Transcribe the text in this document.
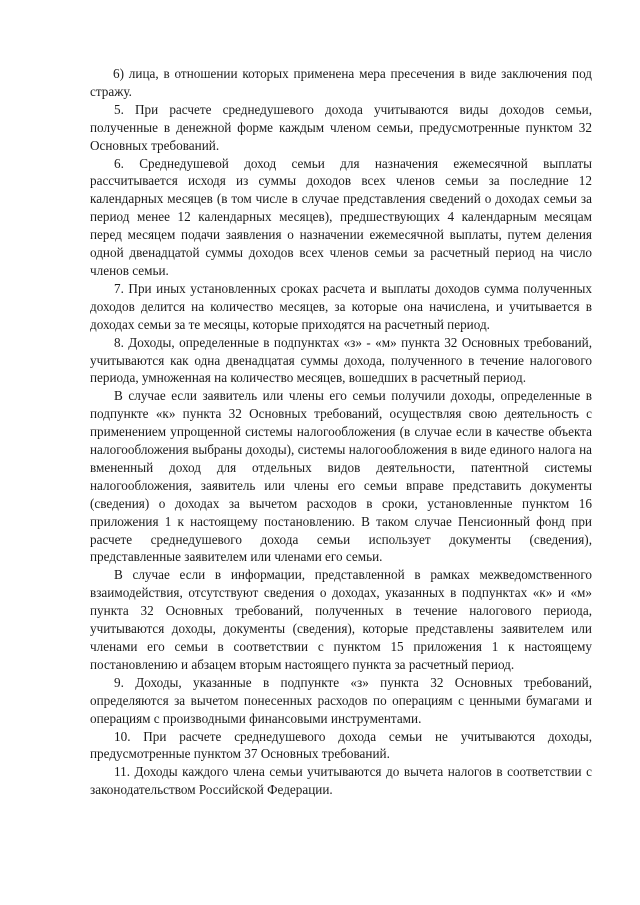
6) лица, в отношении которых применена мера пресечения в виде заключения под стражу.

5. При расчете среднедушевого дохода учитываются виды доходов семьи, полученные в денежной форме каждым членом семьи, предусмотренные пунктом 32 Основных требований.

6. Среднедушевой доход семьи для назначения ежемесячной выплаты рассчитывается исходя из суммы доходов всех членов семьи за последние 12 календарных месяцев (в том числе в случае представления сведений о доходах семьи за период менее 12 календарных месяцев), предшествующих 4 календарным месяцам перед месяцем подачи заявления о назначении ежемесячной выплаты, путем деления одной двенадцатой суммы доходов всех членов семьи за расчетный период на число членов семьи.

7. При иных установленных сроках расчета и выплаты доходов сумма полученных доходов делится на количество месяцев, за которые она начислена, и учитывается в доходах семьи за те месяцы, которые приходятся на расчетный период.

8. Доходы, определенные в подпунктах «з» - «м» пункта 32 Основных требований, учитываются как одна двенадцатая суммы дохода, полученного в течение налогового периода, умноженная на количество месяцев, вошедших в расчетный период.

В случае если заявитель или члены его семьи получили доходы, определенные в подпункте «к» пункта 32 Основных требований, осуществляя свою деятельность с применением упрощенной системы налогообложения (в случае если в качестве объекта налогообложения выбраны доходы), системы налогообложения в виде единого налога на вмененный доход для отдельных видов деятельности, патентной системы налогообложения, заявитель или члены его семьи вправе представить документы (сведения) о доходах за вычетом расходов в сроки, установленные пунктом 16 приложения 1 к настоящему постановлению. В таком случае Пенсионный фонд при расчете среднедушевого дохода семьи использует документы (сведения), представленные заявителем или членами его семьи.

В случае если в информации, представленной в рамках межведомственного взаимодействия, отсутствуют сведения о доходах, указанных в подпунктах «к» и «м» пункта 32 Основных требований, полученных в течение налогового периода, учитываются доходы, документы (сведения), которые представлены заявителем или членами его семьи в соответствии с пунктом 15 приложения 1 к настоящему постановлению и абзацем вторым настоящего пункта за расчетный период.

9. Доходы, указанные в подпункте «з» пункта 32 Основных требований, определяются за вычетом понесенных расходов по операциям с ценными бумагами и операциям с производными финансовыми инструментами.

10. При расчете среднедушевого дохода семьи не учитываются доходы, предусмотренные пунктом 37 Основных требований.

11. Доходы каждого члена семьи учитываются до вычета налогов в соответствии с законодательством Российской Федерации.
